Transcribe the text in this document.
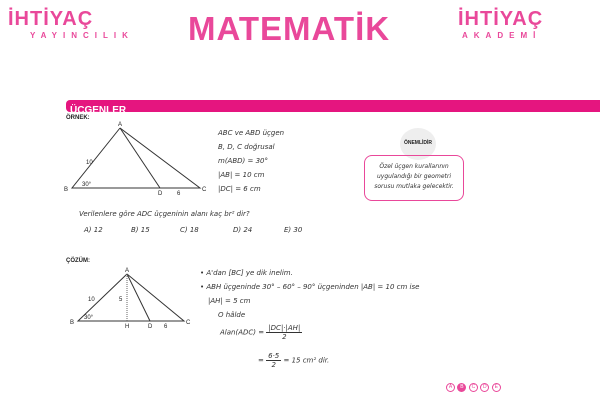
İHTİYAÇ
YAYINCILIK MATEMATİK	İHTİYAÇ
AKADEMİ
ÜÇGENLER
ÖRNEK:
A
B	C
D
10
30°
6
ABC ve ABD üçgen
B, D, C doğrusal
m(ABD) = 30°
|AB| = 10 cm
|DC| = 6 cm
ÖNEMLİDİR
Özel üçgen kurallarının uygulandığı bir geometri sorusu mutlaka gelecektir.
Verilenlere göre ADC üçgeninin alanı kaç br² dir?
A) 12	B) 15	C) 18	D) 24	E) 30
ÇÖZÜM:
A
B	C
H	D
10	5
30°
6
• A'dan [BC] ye dik inelim.
• ABH üçgeninde 30° – 60° – 90° üçgeninden |AB| = 10 cm ise
|AH| = 5 cm
O hâlde
Alan(ADC) = $\frac{|DC|\cdot|AH|}{2}$
= $\frac{6\cdot 5}{2} = 15$ cm² dir.
A B C D E
